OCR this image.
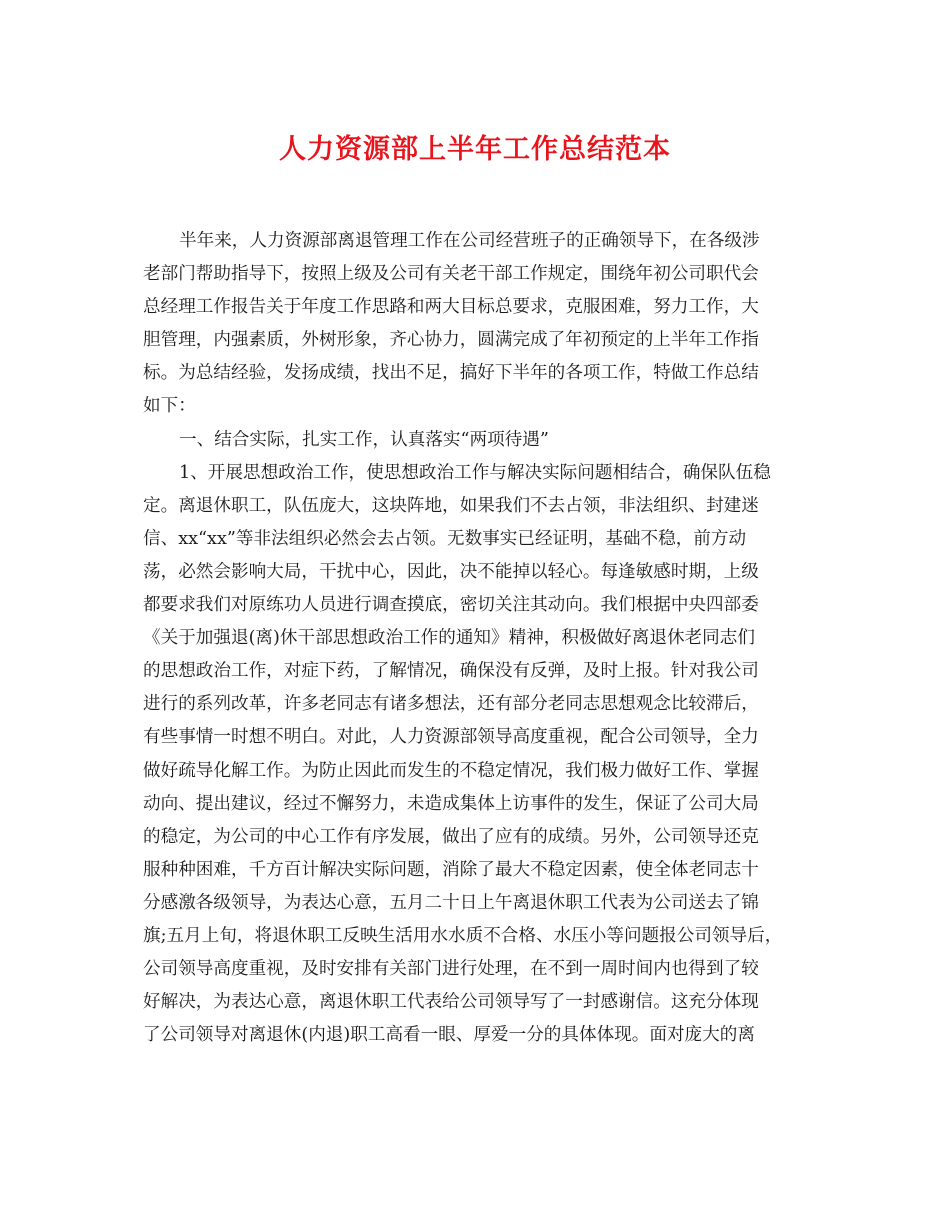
人力资源部上半年工作总结范本
半年来，人力资源部离退管理工作在公司经营班子的正确领导下，在各级涉
老部门帮助指导下，按照上级及公司有关老干部工作规定，围绕年初公司职代会
总经理工作报告关于年度工作思路和两大目标总要求，克服困难，努力工作，大
胆管理，内强素质，外树形象，齐心协力，圆满完成了年初预定的上半年工作指
标。为总结经验，发扬成绩，找出不足，搞好下半年的各项工作，特做工作总结
如下：
一、结合实际，扎实工作，认真落实“两项待遇”
1、开展思想政治工作，使思想政治工作与解决实际问题相结合，确保队伍稳
定。离退休职工，队伍庞大，这块阵地，如果我们不去占领，非法组织、封建迷
信、xx“xx”等非法组织必然会去占领。无数事实已经证明，基础不稳，前方动
荡，必然会影响大局，干扰中心，因此，决不能掉以轻心。每逢敏感时期，上级
都要求我们对原练功人员进行调查摸底，密切关注其动向。我们根据中央四部委
《关于加强退(离)休干部思想政治工作的通知》精神，积极做好离退休老同志们
的思想政治工作，对症下药，了解情况，确保没有反弹，及时上报。针对我公司
进行的系列改革，许多老同志有诸多想法，还有部分老同志思想观念比较滞后，
有些事情一时想不明白。对此，人力资源部领导高度重视，配合公司领导，全力
做好疏导化解工作。为防止因此而发生的不稳定情况，我们极力做好工作、掌握
动向、提出建议，经过不懈努力，未造成集体上访事件的发生，保证了公司大局
的稳定，为公司的中心工作有序发展，做出了应有的成绩。另外，公司领导还克
服种种困难，千方百计解决实际问题，消除了最大不稳定因素，使全体老同志十
分感激各级领导，为表达心意，五月二十日上午离退休职工代表为公司送去了锦
旗;五月上旬，将退休职工反映生活用水水质不合格、水压小等问题报公司领导后，
公司领导高度重视，及时安排有关部门进行处理，在不到一周时间内也得到了较
好解决，为表达心意，离退休职工代表给公司领导写了一封感谢信。这充分体现
了公司领导对离退休(内退)职工高看一眼、厚爱一分的具体体现。面对庞大的离
